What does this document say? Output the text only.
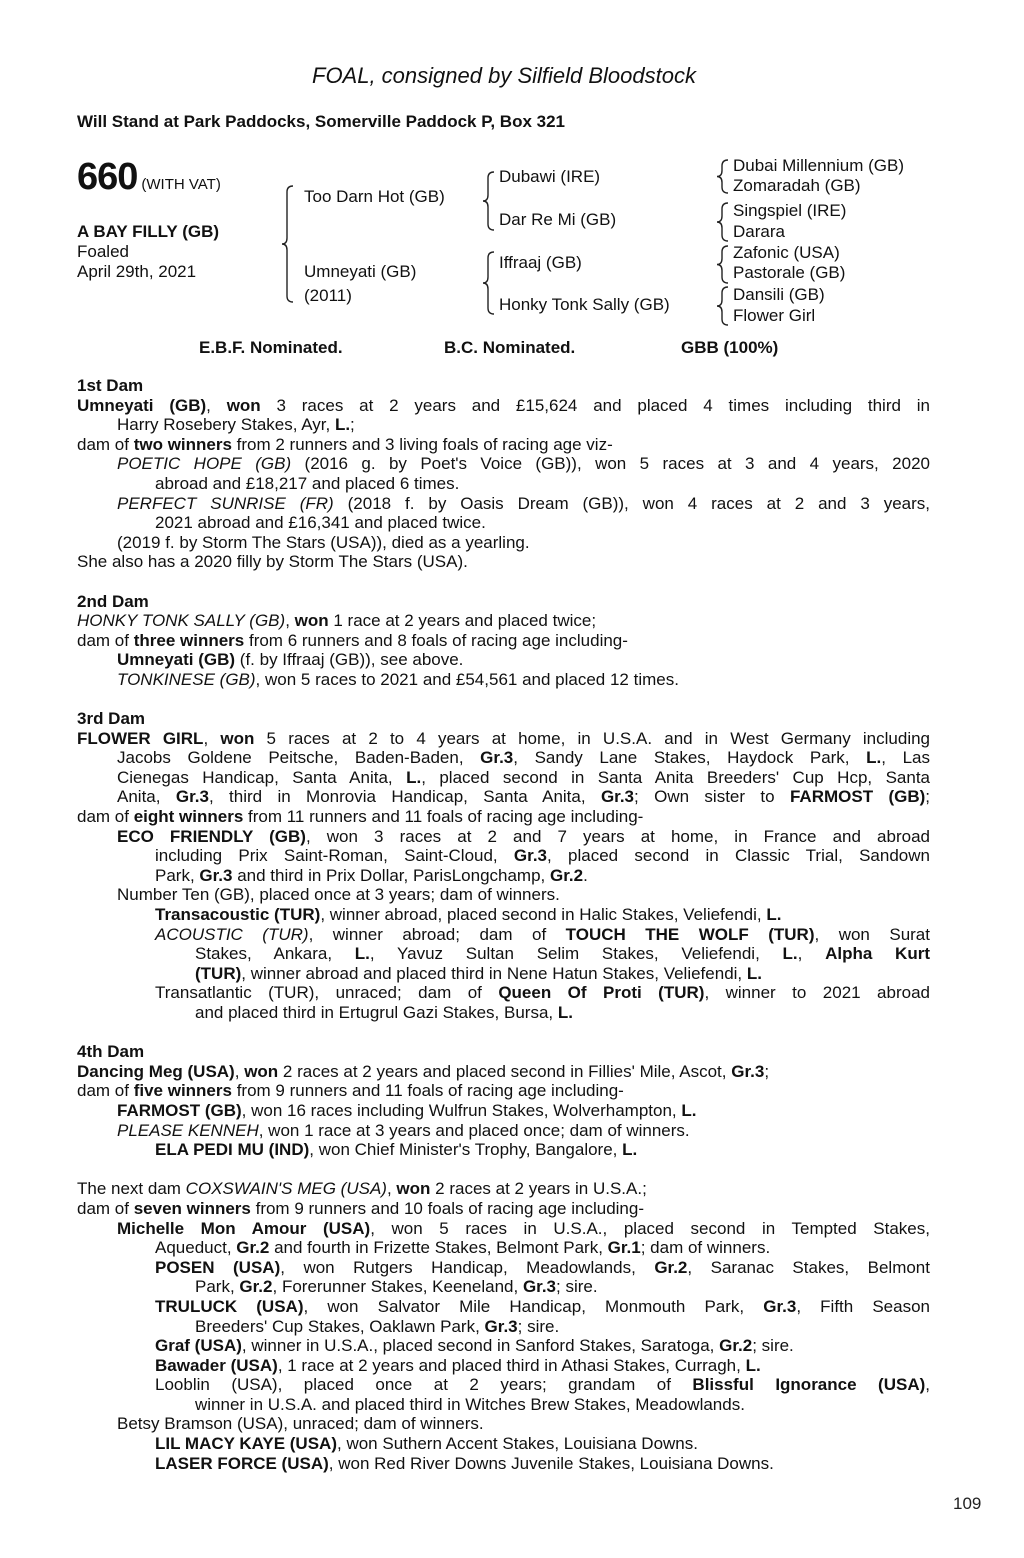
FOAL, consigned by Silfield Bloodstock
Will Stand at Park Paddocks, Somerville Paddock P, Box 321
660 (WITH VAT)
A BAY FILLY (GB)
Foaled
April 29th, 2021
Too Darn Hot (GB)
Umneyati (GB)
(2011)
Dubawi (IRE)
Dar Re Mi (GB)
Iffraaj (GB)
Honky Tonk Sally (GB)
Dubai Millennium (GB)
Zomaradah (GB)
Singspiel (IRE)
Darara
Zafonic (USA)
Pastorale (GB)
Dansili (GB)
Flower Girl
E.B.F. Nominated.	B.C. Nominated.	GBB (100%)
1st Dam
Umneyati (GB), won 3 races at 2 years and £15,624 and placed 4 times including third in
Harry Rosebery Stakes, Ayr, L.;
dam of two winners from 2 runners and 3 living foals of racing age viz-
POETIC HOPE (GB) (2016 g. by Poet's Voice (GB)), won 5 races at 3 and 4 years, 2020
abroad and £18,217 and placed 6 times.
PERFECT SUNRISE (FR) (2018 f. by Oasis Dream (GB)), won 4 races at 2 and 3 years,
2021 abroad and £16,341 and placed twice.
(2019 f. by Storm The Stars (USA)), died as a yearling.
She also has a 2020 filly by Storm The Stars (USA).
2nd Dam
HONKY TONK SALLY (GB), won 1 race at 2 years and placed twice;
dam of three winners from 6 runners and 8 foals of racing age including-
Umneyati (GB) (f. by Iffraaj (GB)), see above.
TONKINESE (GB), won 5 races to 2021 and £54,561 and placed 12 times.
3rd Dam
FLOWER GIRL, won 5 races at 2 to 4 years at home, in U.S.A. and in West Germany including
Jacobs Goldene Peitsche, Baden-Baden, Gr.3, Sandy Lane Stakes, Haydock Park, L., Las
Cienegas Handicap, Santa Anita, L., placed second in Santa Anita Breeders' Cup Hcp, Santa
Anita, Gr.3, third in Monrovia Handicap, Santa Anita, Gr.3; Own sister to FARMOST (GB);
dam of eight winners from 11 runners and 11 foals of racing age including-
ECO FRIENDLY (GB), won 3 races at 2 and 7 years at home, in France and abroad
including Prix Saint-Roman, Saint-Cloud, Gr.3, placed second in Classic Trial, Sandown
Park, Gr.3 and third in Prix Dollar, ParisLongchamp, Gr.2.
Number Ten (GB), placed once at 3 years; dam of winners.
Transacoustic (TUR), winner abroad, placed second in Halic Stakes, Veliefendi, L.
ACOUSTIC (TUR), winner abroad; dam of TOUCH THE WOLF (TUR), won Surat
Stakes, Ankara, L., Yavuz Sultan Selim Stakes, Veliefendi, L., Alpha Kurt
(TUR), winner abroad and placed third in Nene Hatun Stakes, Veliefendi, L.
Transatlantic (TUR), unraced; dam of Queen Of Proti (TUR), winner to 2021 abroad
and placed third in Ertugrul Gazi Stakes, Bursa, L.
4th Dam
Dancing Meg (USA), won 2 races at 2 years and placed second in Fillies' Mile, Ascot, Gr.3;
dam of five winners from 9 runners and 11 foals of racing age including-
FARMOST (GB), won 16 races including Wulfrun Stakes, Wolverhampton, L.
PLEASE KENNEH, won 1 race at 3 years and placed once; dam of winners.
ELA PEDI MU (IND), won Chief Minister's Trophy, Bangalore, L.
The next dam COXSWAIN'S MEG (USA), won 2 races at 2 years in U.S.A.;
dam of seven winners from 9 runners and 10 foals of racing age including-
Michelle Mon Amour (USA), won 5 races in U.S.A., placed second in Tempted Stakes,
Aqueduct, Gr.2 and fourth in Frizette Stakes, Belmont Park, Gr.1; dam of winners.
POSEN (USA), won Rutgers Handicap, Meadowlands, Gr.2, Saranac Stakes, Belmont
Park, Gr.2, Forerunner Stakes, Keeneland, Gr.3; sire.
TRULUCK (USA), won Salvator Mile Handicap, Monmouth Park, Gr.3, Fifth Season
Breeders' Cup Stakes, Oaklawn Park, Gr.3; sire.
Graf (USA), winner in U.S.A., placed second in Sanford Stakes, Saratoga, Gr.2; sire.
Bawader (USA), 1 race at 2 years and placed third in Athasi Stakes, Curragh, L.
Looblin (USA), placed once at 2 years; grandam of Blissful Ignorance (USA),
winner in U.S.A. and placed third in Witches Brew Stakes, Meadowlands.
Betsy Bramson (USA), unraced; dam of winners.
LIL MACY KAYE (USA), won Suthern Accent Stakes, Louisiana Downs.
LASER FORCE (USA), won Red River Downs Juvenile Stakes, Louisiana Downs.
109
